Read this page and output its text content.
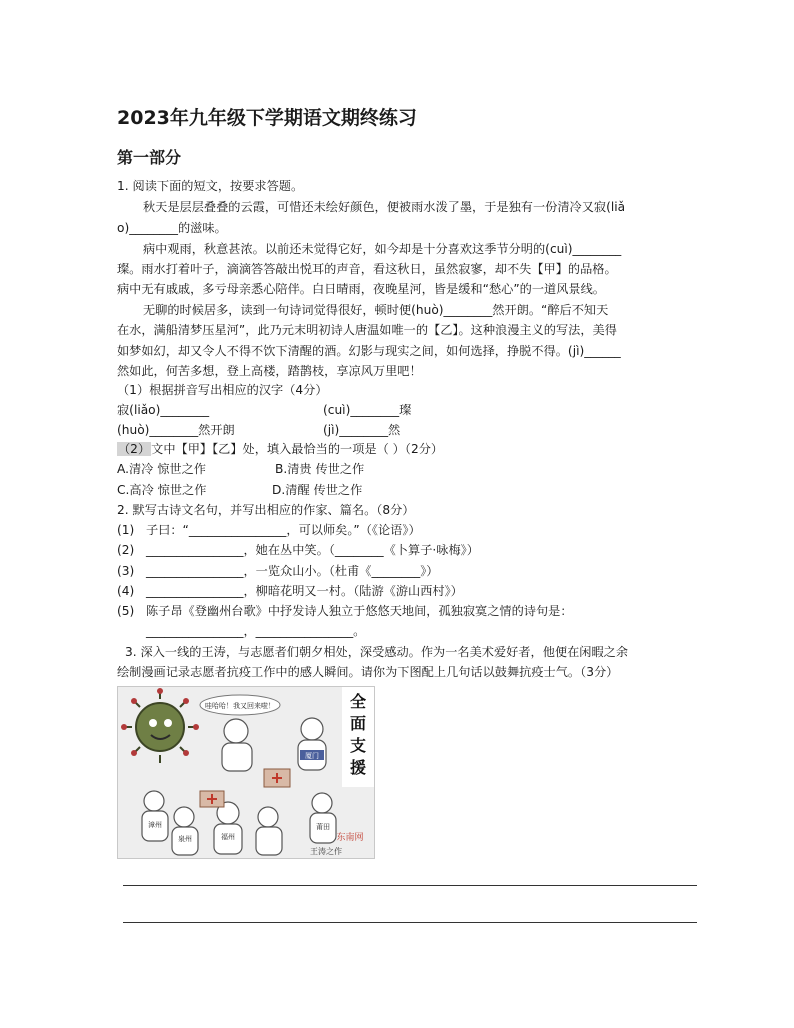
2023年九年级下学期语文期终练习
第一部分
1. 阅读下面的短文，按要求答题。
秋天是层层叠叠的云霞，可惜还未绘好颜色，便被雨水泼了墨，于是独有一份清冷又寂(liǎ
o)________的滋味。
病中观雨，秋意甚浓。以前还未觉得它好，如今却是十分喜欢这季节分明的(cuì)________
璨。雨水打着叶子，滴滴答答敲出悦耳的声音，看这秋日，虽然寂寥，却不失【甲】的品格。
病中无有戚戚，多亏母亲悉心陪伴。白日晴雨，夜晚星河，皆是缓和“愁心”的一道风景线。
无聊的时候居多，读到一句诗词觉得很好，顿时便(huò)________然开朗。“醉后不知天
在水，满船清梦压星河”，此乃元末明初诗人唐温如唯一的【乙】。这种浪漫主义的写法，美得
如梦如幻，却又令人不得不饮下清醒的酒。幻影与现实之间，如何选择，挣脱不得。(jì)______
然如此，何苦多想，登上高楼，踏鹊枝，享凉风万里吧！
（1）根据拼音写出相应的汉字（4分）
寂(liǎo)________	(cuì)________璨
(huò)________然开朗	(jì)________然
（2）文中【甲】【乙】处，填入最恰当的一项是（ ）（2分）
A.清冷 惊世之作	B.清贵 传世之作
C.高冷 惊世之作	D.清醒 传世之作
2. 默写古诗文名句，并写出相应的作家、篇名。（8分）
(1) 子曰：“________________，可以师矣。”（《论语》）
(2) ________________，她在丛中笑。（________《卜算子·咏梅》）
(3) ________________，一览众山小。（杜甫《________》）
(4) ________________，柳暗花明又一村。（陆游《游山西村》）
(5) 陈子昂《登幽州台歌》中抒发诗人独立于悠悠天地间，孤独寂寞之情的诗句是：
________________，________________。
3. 深入一线的王涛，与志愿者们朝夕相处，深受感动。作为一名美术爱好者，他便在闲暇之余
绘制漫画记录志愿者抗疫工作中的感人瞬间。请你为下图配上几句话以鼓舞抗疫士气。（3分）
全
面
支
援
哇哈哈！我又回来啦！
厦门
漳州
泉州	福州
莆田
东南网
王涛之作
